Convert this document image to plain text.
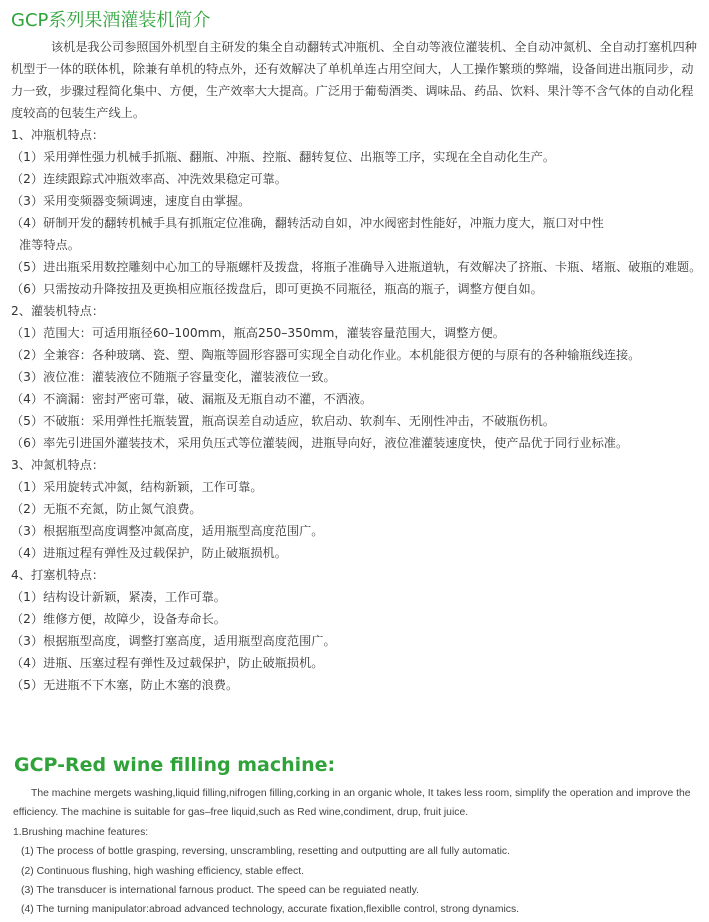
GCP系列果酒灌装机简介

该机是我公司参照国外机型自主研发的集全自动翻转式冲瓶机、全自动等液位灌装机、全自动冲氮机、全自动打塞机四种机型于一体的联体机，除兼有单机的特点外，还有效解决了单机单连占用空间大，人工操作繁琐的弊端，设备间进出瓶同步，动力一致，步骤过程简化集中、方便，生产效率大大提高。广泛用于葡萄酒类、调味品、药品、饮料、果汁等不含气体的自动化程度较高的包装生产线上。

1、冲瓶机特点：

（1）采用弹性强力机械手抓瓶、翻瓶、冲瓶、控瓶、翻转复位、出瓶等工序，实现在全自动化生产。

（2）连续跟踪式冲瓶效率高、冲洗效果稳定可靠。

（3）采用变频器变频调速，速度自由掌握。

（4）研制开发的翻转机械手具有抓瓶定位准确，翻转活动自如，冲水阀密封性能好，冲瓶力度大，瓶口对中性

准等特点。

（5）进出瓶采用数控雕刻中心加工的导瓶螺杆及拨盘，将瓶子准确导入进瓶道轨，有效解决了挤瓶、卡瓶、堵瓶、破瓶的难题。

（6）只需按动升降按扭及更换相应瓶径拨盘后，即可更换不同瓶径，瓶高的瓶子，调整方便自如。

2、灌装机特点：

（1）范围大：可适用瓶径60–100mm，瓶高250–350mm，灌装容量范围大，调整方便。

（2）全兼容：各种玻璃、瓷、塑、陶瓶等圆形容器可实现全自动化作业。本机能很方便的与原有的各种输瓶线连接。

（3）液位准：灌装液位不随瓶子容量变化，灌装液位一致。

（4）不滴漏：密封严密可靠，破、漏瓶及无瓶自动不灌，不洒液。

（5）不破瓶：采用弹性托瓶装置，瓶高误差自动适应，软启动、软刹车、无刚性冲击，不破瓶伤机。

（6）率先引进国外灌装技术，采用负压式等位灌装阀，进瓶导向好，液位准灌装速度快，使产品优于同行业标准。

3、冲氮机特点：

（1）采用旋转式冲氮，结构新颖，工作可靠。

（2）无瓶不充氮，防止氮气浪费。

（3）根据瓶型高度调整冲氮高度，适用瓶型高度范围广。

（4）进瓶过程有弹性及过载保护，防止破瓶损机。

4、打塞机特点：

（1）结构设计新颖，紧凑，工作可靠。

（2）维修方便，故障少，设备寿命长。

（3）根据瓶型高度，调整打塞高度，适用瓶型高度范围广。

（4）进瓶、压塞过程有弹性及过载保护，防止破瓶损机。

（5）无进瓶不下木塞，防止木塞的浪费。

GCP-Red wine filling machine:

The machine mergets washing,liquid filling,nifrogen filling,corking in an organic whole, It takes less room, simplify the operation and improve the efficiency. The machine is suitable for gas–free liquid,such as Red wine,condiment, drup, fruit juice.

1.Brushing machine features:

(1) The process of bottle grasping, reversing, unscrambling, resetting and outputting are all fully automatic.

(2) Continuous flushing, high washing efficiency, stable effect.

(3) The transducer is international farnous product. The speed can be reguiated neatly.

(4) The turning manipulator:abroad advanced technology, accurate fixation,flexiblle control, strong dynamics.
